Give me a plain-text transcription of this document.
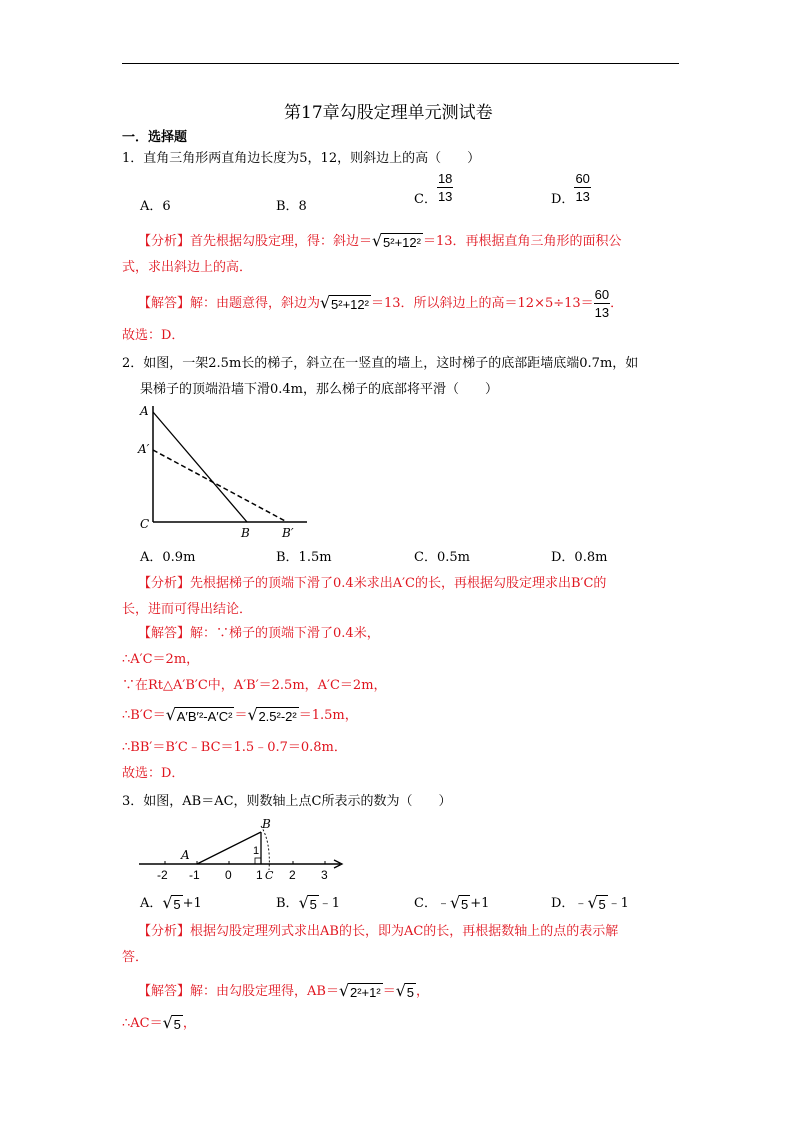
第17章勾股定理单元测试卷
一．选择题
1．直角三角形两直角边长度为5，12，则斜边上的高（　　）
A．6	B．8	C． $\frac{18}{13}$	D． $\frac{60}{13}$
【分析】首先根据勾股定理，得：斜边＝ √ 5²+12² ＝13．再根据直角三角形的面积公
式，求出斜边上的高．
【解答】解：由题意得，斜边为 √ 5²+12² ＝13．所以斜边上的高$=12\times 5\div 13= \frac{60}{13}$ ．
故选：D．
2．如图，一架2.5m长的梯子，斜立在一竖直的墙上，这时梯子的底部距墙底端0.7m，如
果梯子的顶端沿墙下滑0.4m，那么梯子的底部将平滑（　　）
A
A′
C
B	B′
A．0.9m	B．1.5m	C．0.5m	D．0.8m
【分析】先根据梯子的顶端下滑了0.4米求出A′C的长，再根据勾股定理求出B′C的
长，进而可得出结论．
【解答】解：∵梯子的顶端下滑了0.4米，
∴A′C＝2m，
∵在Rt△A′B′C中，A′B′＝2.5m，A′C＝2m，
∴B′C＝ √ A′B′²-A′C² ＝ √ 2.5²-2² ＝1.5m，
∴BB′＝B′C﹣BC＝1.5﹣0.7＝0.8m．
故选：D．
3．如图，AB＝AC，则数轴上点C所表示的数为（　　）
A
B
1
-2 -1 0 1 C 2 3
A． √ 5 +1	B． √ 5 ﹣1	C．﹣ √ 5 +1	D．﹣ √ 5 ﹣1
【分析】根据勾股定理列式求出AB的长，即为AC的长，再根据数轴上的点的表示解
答．
【解答】解：由勾股定理得，AB＝ √ 2²+1² ＝ √ 5 ，
∴AC＝ √ 5 ，
